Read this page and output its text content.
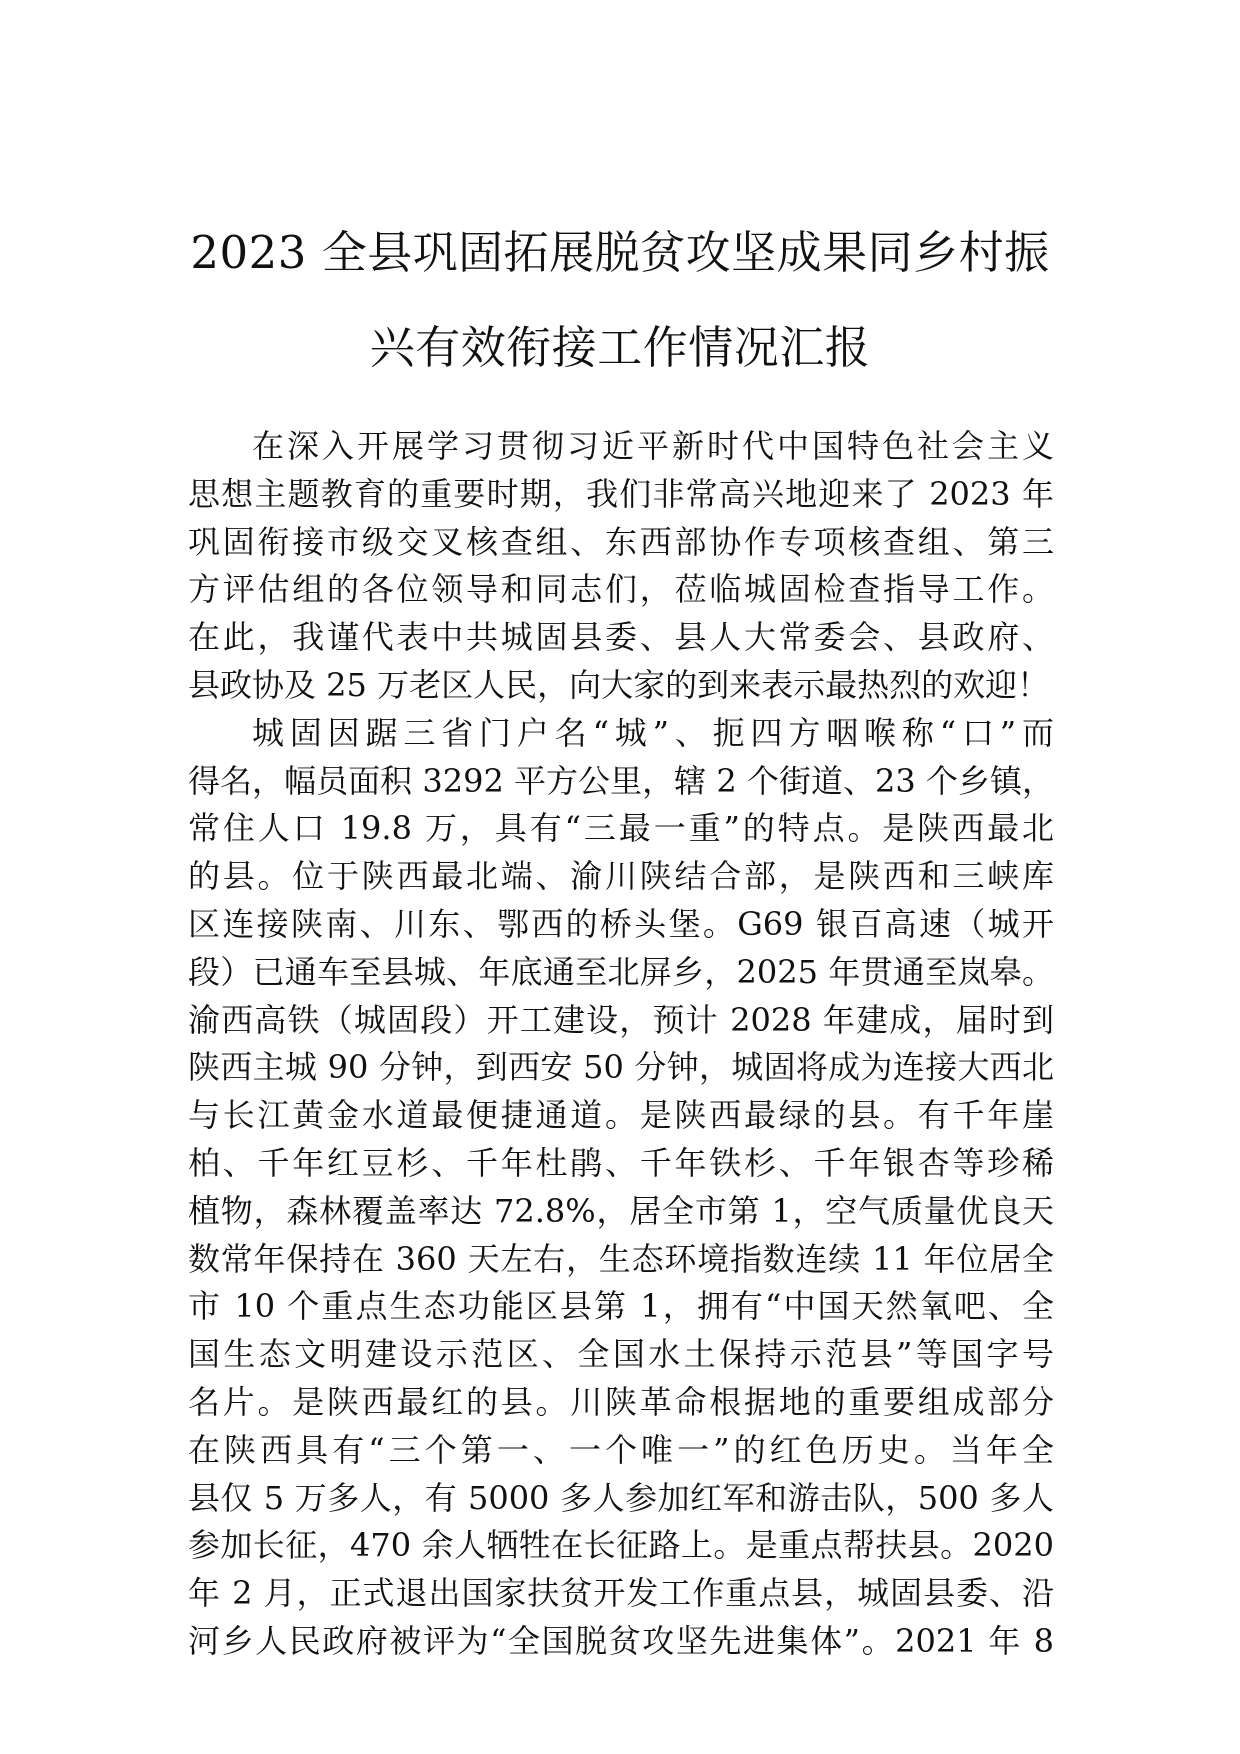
2023 全县巩固拓展脱贫攻坚成果同乡村振
兴有效衔接工作情况汇报
在深入开展学习贯彻习近平新时代中国特色社会主义
思想主题教育的重要时期，我们非常高兴地迎来了 2023 年
巩固衔接市级交叉核查组、东西部协作专项核查组、第三
方评估组的各位领导和同志们，莅临城固检查指导工作。
在此，我谨代表中共城固县委、县人大常委会、县政府、
县政协及 25 万老区人民，向大家的到来表示最热烈的欢迎！
城固因踞三省门户名“城”、扼四方咽喉称“口”而
得名，幅员面积 3292 平方公里，辖 2 个街道、23 个乡镇，
常住人口 19.8 万，具有“三最一重”的特点。是陕西最北
的县。位于陕西最北端、渝川陕结合部，是陕西和三峡库
区连接陕南、川东、鄂西的桥头堡。G69 银百高速（城开
段）已通车至县城、年底通至北屏乡，2025 年贯通至岚皋。
渝西高铁（城固段）开工建设，预计 2028 年建成，届时到
陕西主城 90 分钟，到西安 50 分钟，城固将成为连接大西北
与长江黄金水道最便捷通道。是陕西最绿的县。有千年崖
柏、千年红豆杉、千年杜鹃、千年铁杉、千年银杏等珍稀
植物，森林覆盖率达 72.8%，居全市第 1，空气质量优良天
数常年保持在 360 天左右，生态环境指数连续 11 年位居全
市 10 个重点生态功能区县第 1，拥有“中国天然氧吧、全
国生态文明建设示范区、全国水土保持示范县”等国字号
名片。是陕西最红的县。川陕革命根据地的重要组成部分
在陕西具有“三个第一、一个唯一”的红色历史。当年全
县仅 5 万多人，有 5000 多人参加红军和游击队，500 多人
参加长征，470 余人牺牲在长征路上。是重点帮扶县。2020
年 2 月，正式退出国家扶贫开发工作重点县，城固县委、沿
河乡人民政府被评为“全国脱贫攻坚先进集体”。2021 年 8
